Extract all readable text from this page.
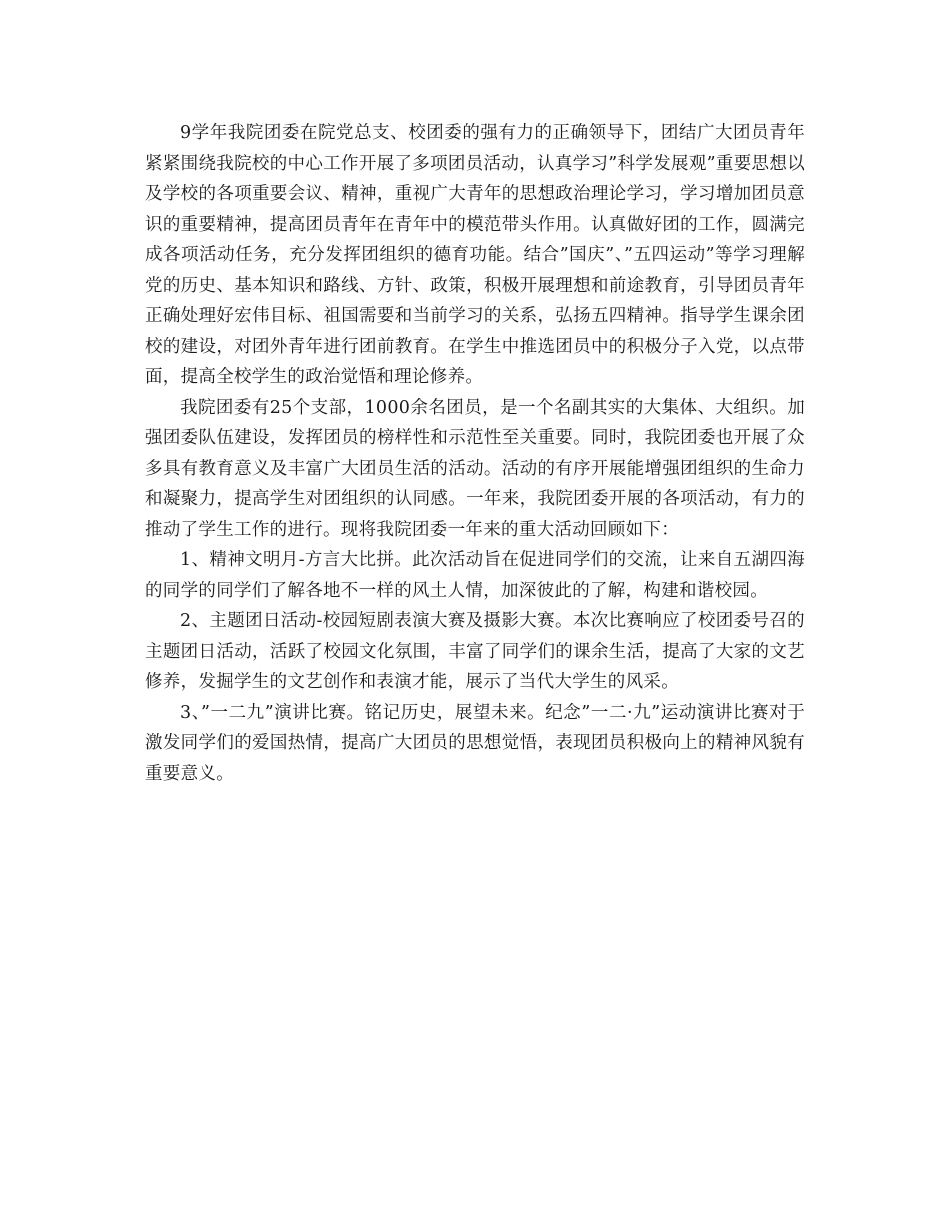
9学年我院团委在院党总支、校团委的强有力的正确领导下，团结广大团员青年紧紧围绕我院校的中心工作开展了多项团员活动，认真学习”科学发展观”重要思想以及学校的各项重要会议、精神，重视广大青年的思想政治理论学习，学习增加团员意识的重要精神，提高团员青年在青年中的模范带头作用。认真做好团的工作，圆满完成各项活动任务，充分发挥团组织的德育功能。结合”国庆”、”五四运动”等学习理解党的历史、基本知识和路线、方针、政策，积极开展理想和前途教育，引导团员青年正确处理好宏伟目标、祖国需要和当前学习的关系，弘扬五四精神。指导学生课余团校的建设，对团外青年进行团前教育。在学生中推选团员中的积极分子入党，以点带面，提高全校学生的政治觉悟和理论修养。

我院团委有25个支部，1000余名团员，是一个名副其实的大集体、大组织。加强团委队伍建设，发挥团员的榜样性和示范性至关重要。同时，我院团委也开展了众多具有教育意义及丰富广大团员生活的活动。活动的有序开展能增强团组织的生命力和凝聚力，提高学生对团组织的认同感。一年来，我院团委开展的各项活动，有力的推动了学生工作的进行。现将我院团委一年来的重大活动回顾如下：

1、精神文明月-方言大比拼。此次活动旨在促进同学们的交流，让来自五湖四海的同学的同学们了解各地不一样的风土人情，加深彼此的了解，构建和谐校园。

2、主题团日活动-校园短剧表演大赛及摄影大赛。本次比赛响应了校团委号召的主题团日活动，活跃了校园文化氛围，丰富了同学们的课余生活，提高了大家的文艺修养，发掘学生的文艺创作和表演才能，展示了当代大学生的风采。

3、”一二九”演讲比赛。铭记历史，展望未来。纪念”一二·九”运动演讲比赛对于激发同学们的爱国热情，提高广大团员的思想觉悟，表现团员积极向上的精神风貌有重要意义。
